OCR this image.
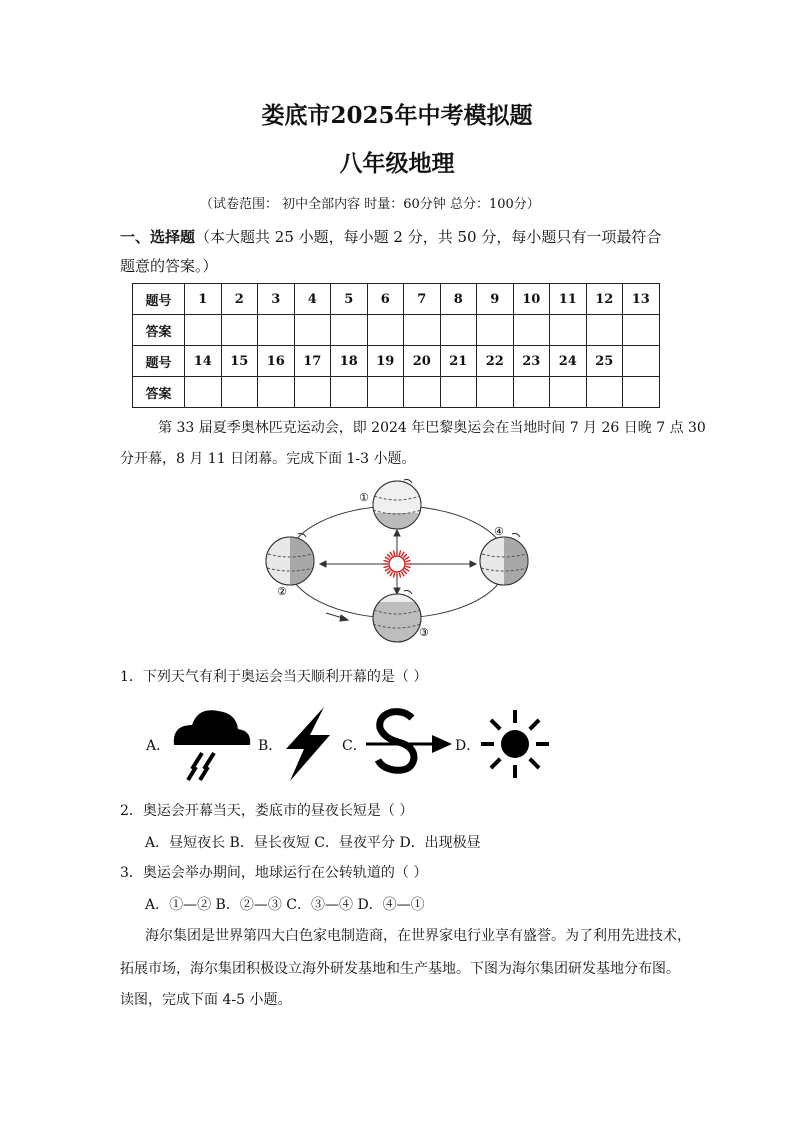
娄底市2025年中考模拟题
八年级地理
（试卷范围： 初中全部内容 时量：60分钟 总分：100分）
一、选择题（本大题共 25 小题，每小题 2 分，共 50 分，每小题只有一项最符合
题意的答案。）
题号	1	2	3	4	5	6	7	8	9	10	11	12	13
答案													
题号	14	15	16	17	18	19	20	21	22	23	24	25	
答案													
第 33 届夏季奥林匹克运动会，即 2024 年巴黎奥运会在当地时间 7 月 26 日晚 7 点 30
分开幕，8 月 11 日闭幕。完成下面 1-3 小题。
①
②
③
④
1．下列天气有利于奥运会当天顺利开幕的是（ ）
A．	B．	C．	D．
2．奥运会开幕当天，娄底市的昼夜长短是（ ）
A．昼短夜长 B．昼长夜短 C．昼夜平分 D．出现极昼
3．奥运会举办期间，地球运行在公转轨道的（ ）
A．①—② B．②—③ C．③—④ D．④—①
海尔集团是世界第四大白色家电制造商，在世界家电行业享有盛誉。为了利用先进技术，
拓展市场，海尔集团积极设立海外研发基地和生产基地。下图为海尔集团研发基地分布图。
读图，完成下面 4-5 小题。
